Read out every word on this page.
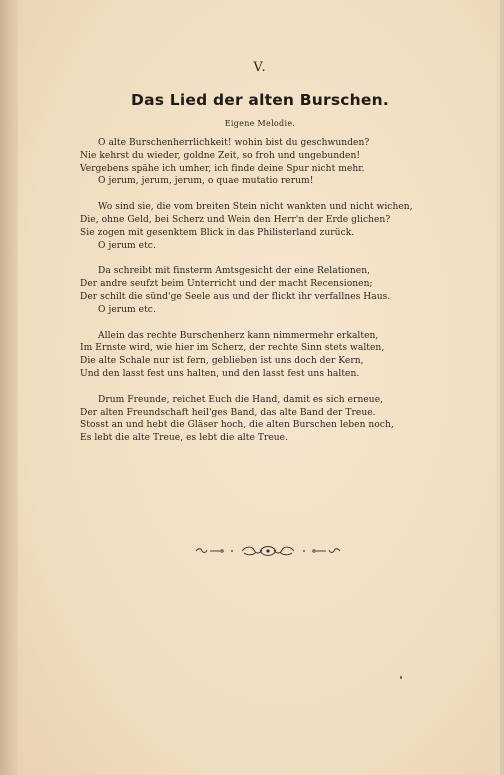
V.
Das Lied der alten Burschen.
Eigene Melodie.
O alte Burschenherrlichkeit! wohin bist du geschwunden?
Nie kehrst du wieder, goldne Zeit, so froh und ungebunden!
Vergebens spähe ich umher, ich finde deine Spur nicht mehr.
O jerum, jerum, jerum, o quae mutatio rerum!
Wo sind sie, die vom breiten Stein nicht wankten und nicht wichen,
Die, ohne Geld, bei Scherz und Wein den Herr'n der Erde glichen?
Sie zogen mit gesenktem Blick in das Philisterland zurück.
O jerum etc.
Da schreibt mit finsterm Amtsgesicht der eine Relationen,
Der andre seufzt beim Unterricht und der macht Recensionen;
Der schilt die sünd'ge Seele aus und der flickt ihr verfallnes Haus.
O jerum etc.
Allein das rechte Burschenherz kann nimmermehr erkalten,
Im Ernste wird, wie hier im Scherz, der rechte Sinn stets walten,
Die alte Schale nur ist fern, geblieben ist uns doch der Kern,
Und den lasst fest uns halten, und den lasst fest uns halten.
Drum Freunde, reichet Euch die Hand, damit es sich erneue,
Der alten Freundschaft heil'ges Band, das alte Band der Treue.
Stosst an und hebt die Gläser hoch, die alten Burschen leben noch,
Es lebt die alte Treue, es lebt die alte Treue.
